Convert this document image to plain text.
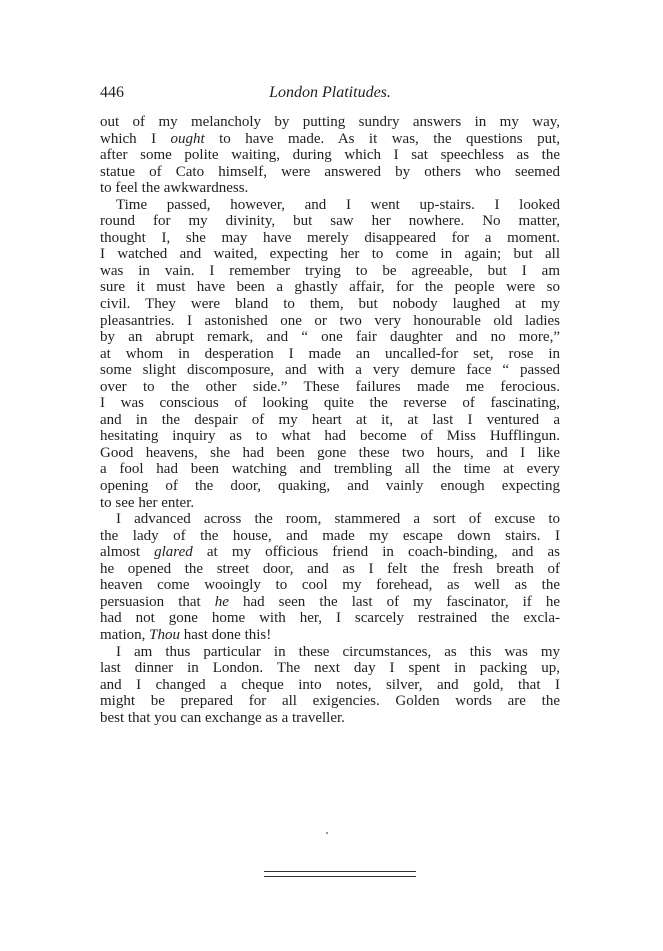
446	London Platitudes.
out of my melancholy by putting sundry answers in my way,
which I ought to have made. As it was, the questions put,
after some polite waiting, during which I sat speechless as the
statue of Cato himself, were answered by others who seemed
to feel the awkwardness.
Time passed, however, and I went up-stairs. I looked
round for my divinity, but saw her nowhere. No matter,
thought I, she may have merely disappeared for a moment.
I watched and waited, expecting her to come in again; but all
was in vain. I remember trying to be agreeable, but I am
sure it must have been a ghastly affair, for the people were so
civil. They were bland to them, but nobody laughed at my
pleasantries. I astonished one or two very honourable old ladies
by an abrupt remark, and “ one fair daughter and no more,”
at whom in desperation I made an uncalled-for set, rose in
some slight discomposure, and with a very demure face “ passed
over to the other side.” These failures made me ferocious.
I was conscious of looking quite the reverse of fascinating,
and in the despair of my heart at it, at last I ventured a
hesitating inquiry as to what had become of Miss Hufflingun.
Good heavens, she had been gone these two hours, and I like
a fool had been watching and trembling all the time at every
opening of the door, quaking, and vainly enough expecting
to see her enter.
I advanced across the room, stammered a sort of excuse to
the lady of the house, and made my escape down stairs. I
almost glared at my officious friend in coach-binding, and as
he opened the street door, and as I felt the fresh breath of
heaven come wooingly to cool my forehead, as well as the
persuasion that he had seen the last of my fascinator, if he
had not gone home with her, I scarcely restrained the excla-
mation, Thou hast done this!
I am thus particular in these circumstances, as this was my
last dinner in London. The next day I spent in packing up,
and I changed a cheque into notes, silver, and gold, that I
might be prepared for all exigencies. Golden words are the
best that you can exchange as a traveller.
